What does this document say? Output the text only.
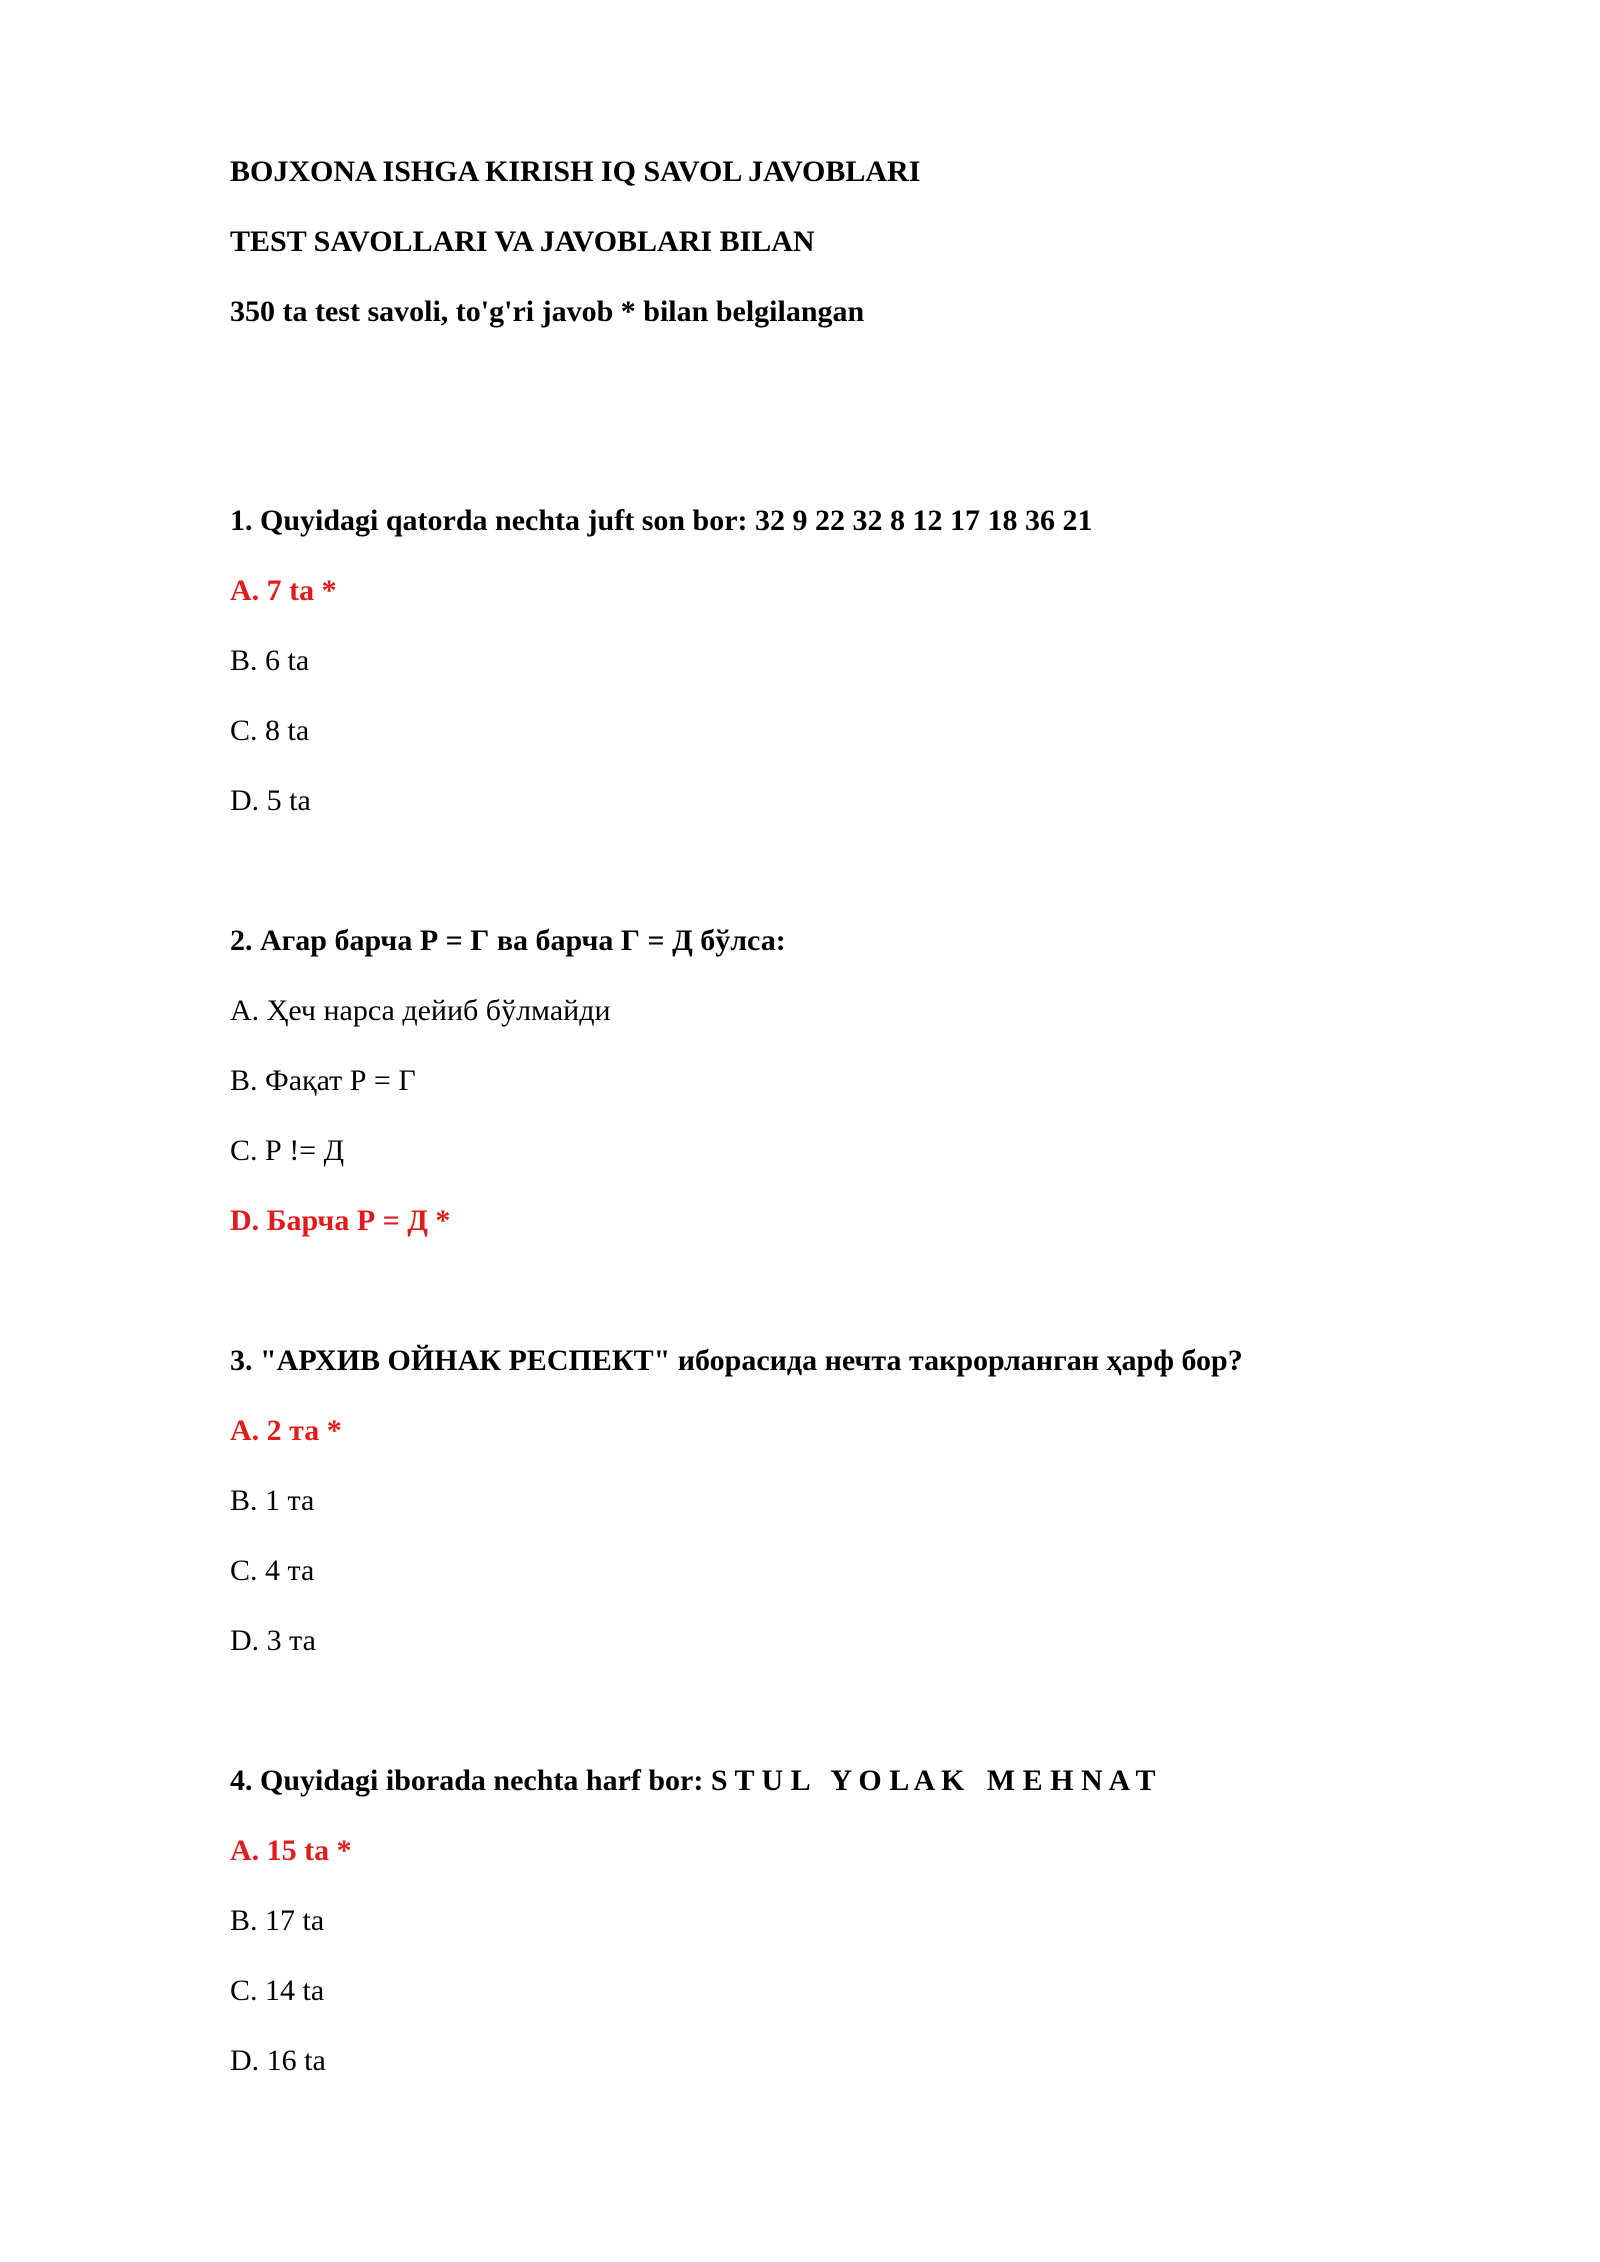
BOJXONA ISHGA KIRISH IQ SAVOL JAVOBLARI
TEST SAVOLLARI VA JAVOBLARI BILAN
350 ta test savoli, to'g'ri javob * bilan belgilangan
1. Quyidagi qatorda nechta juft son bor: 32 9 22 32 8 12 17 18 36 21
A. 7 ta *
B. 6 ta
C. 8 ta
D. 5 ta
2. Агар барча Р = Г ва барча Г = Д бўлса:
A. Ҳеч нарса дейиб бўлмайди
B. Фақат Р = Г
C. Р != Д
D. Барча Р = Д *
3. "АРХИВ ОЙНАК РЕСПЕКТ" иборасида нечта такрорланган ҳарф бор?
A. 2 та *
B. 1 та
C. 4 та
D. 3 та
4. Quyidagi iborada nechta harf bor: S T U L   Y O L A K   M E H N A T
A. 15 ta *
B. 17 ta
C. 14 ta
D. 16 ta
